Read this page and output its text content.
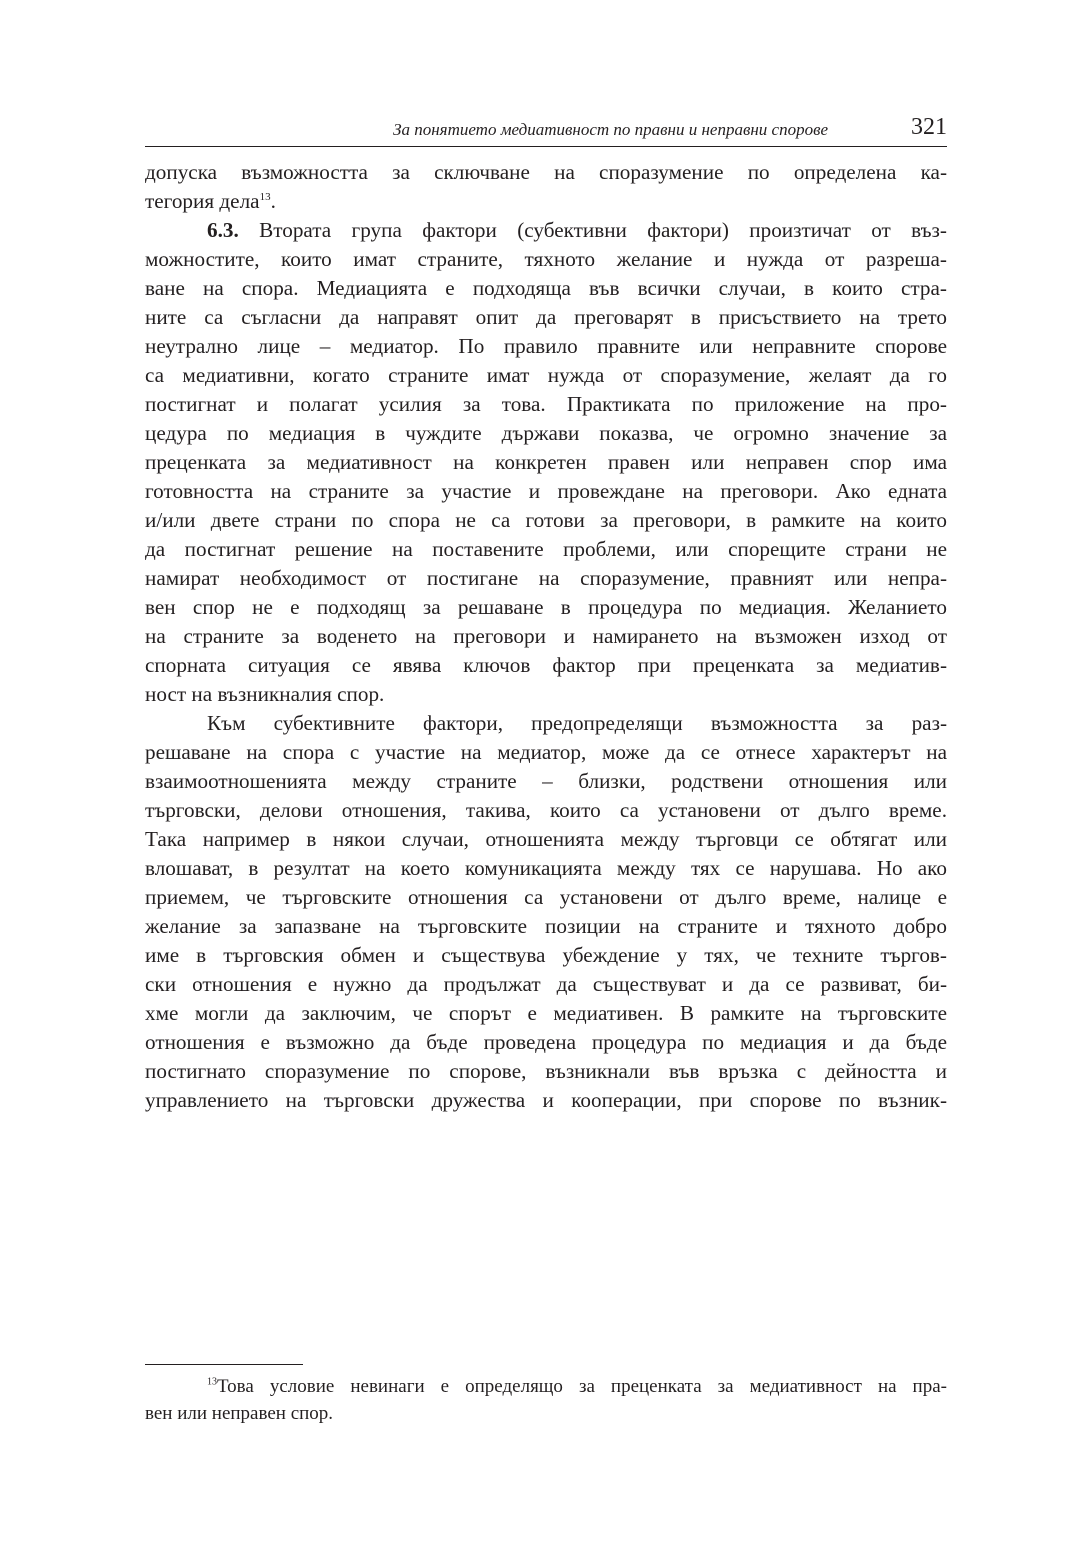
За понятието медиативност по правни и неправни спорове	321
допуска възможността за сключване на споразумение по определена ка-
тегория дела$^{13}$.
6.3. Втората група фактори (субективни фактори) произтичат от въз-
можностите, които имат страните, тяхното желание и нужда от разреша-
ване на спора. Медиацията е подходяща във всички случаи, в които стра-
ните са съгласни да направят опит да преговарят в присъствието на трето
неутрално лице – медиатор. По правило правните или неправните спорове
са медиативни, когато страните имат нужда от споразумение, желаят да го
постигнат и полагат усилия за това. Практиката по приложение на про-
цедура по медиация в чуждите държави показва, че огромно значение за
преценката за медиативност на конкретен правен или неправен спор има
готовността на страните за участие и провеждане на преговори. Ако едната
и/или двете страни по спора не са готови за преговори, в рамките на които
да постигнат решение на поставените проблеми, или спорещите страни не
намират необходимост от постигане на споразумение, правният или непра-
вен спор не е подходящ за решаване в процедура по медиация. Желанието
на страните за воденето на преговори и намирането на възможен изход от
спорната ситуация се явява ключов фактор при преценката за медиатив-
ност на възникналия спор.
Към субективните фактори, предопределящи възможността за раз-
решаване на спора с участие на медиатор, може да се отнесе характерът на
взаимоотношенията между страните – близки, родствени отношения или
търговски, делови отношения, такива, които са установени от дълго време.
Така например в някои случаи, отношенията между търговци се обтягат или
влошават, в резултат на което комуникацията между тях се нарушава. Но ако
приемем, че търговските отношения са установени от дълго време, налице е
желание за запазване на търговските позиции на страните и тяхното добро
име в търговския обмен и съществува убеждение у тях, че техните търгов-
ски отношения е нужно да продължат да съществуват и да се развиват, би-
хме могли да заключим, че спорът е медиативен. В рамките на търговските
отношения е възможно да бъде проведена процедура по медиация и да бъде
постигнато споразумение по спорове, възникнали във връзка с дейността и
управлението на търговски дружества и кооперации, при спорове по възник-
$^{13}$Това условие невинаги е определящо за преценката за медиативност на пра-
вен или неправен спор.
